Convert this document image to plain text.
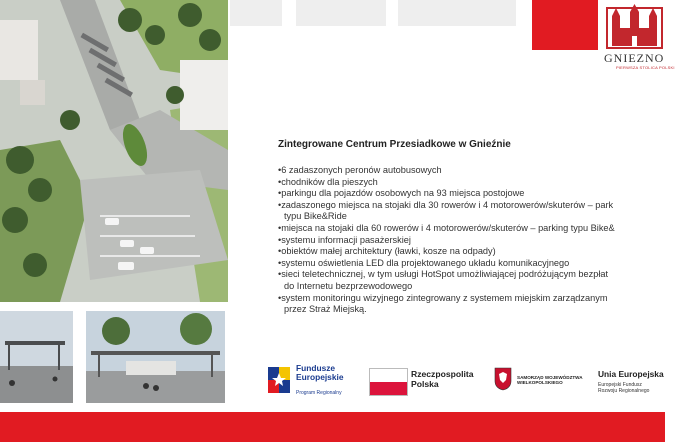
GNIEZNO
PIERWSZA STOLICA POLSKI
Zintegrowane Centrum Przesiadkowe w Gnieźnie
•6 zadaszonych peronów autobusowych
•chodników dla pieszych
•parkingu dla pojazdów osobowych na 93 miejsca postojowe
•zadaszonego miejsca na stojaki dla 30 rowerów i 4 motorowerów/skuterów – park
typu Bike&Ride
•miejsca na stojaki dla 60 rowerów i 4 motorowerów/skuterów – parking typu Bike&
•systemu informacji pasażerskiej
•obiektów małej architektury (ławki, kosze na odpady)
•systemu oświetlenia LED dla projektowanego układu komunikacyjnego
•sieci teletechnicznej, w tym usługi HotSpot umożliwiającej podróżującym bezpłat
do Internetu bezprzewodowego
•system monitoringu wizyjnego zintegrowany z systemem miejskim zarządzanym
przez Straż Miejską.
Fundusze
Europejskie
Program Regionalny
Rzeczpospolita
Polska
SAMORZĄD WOJEWÓDZTWA
WIELKOPOLSKIEGO
Unia Europejska
Europejski Fundusz
Rozwoju Regionalnego
